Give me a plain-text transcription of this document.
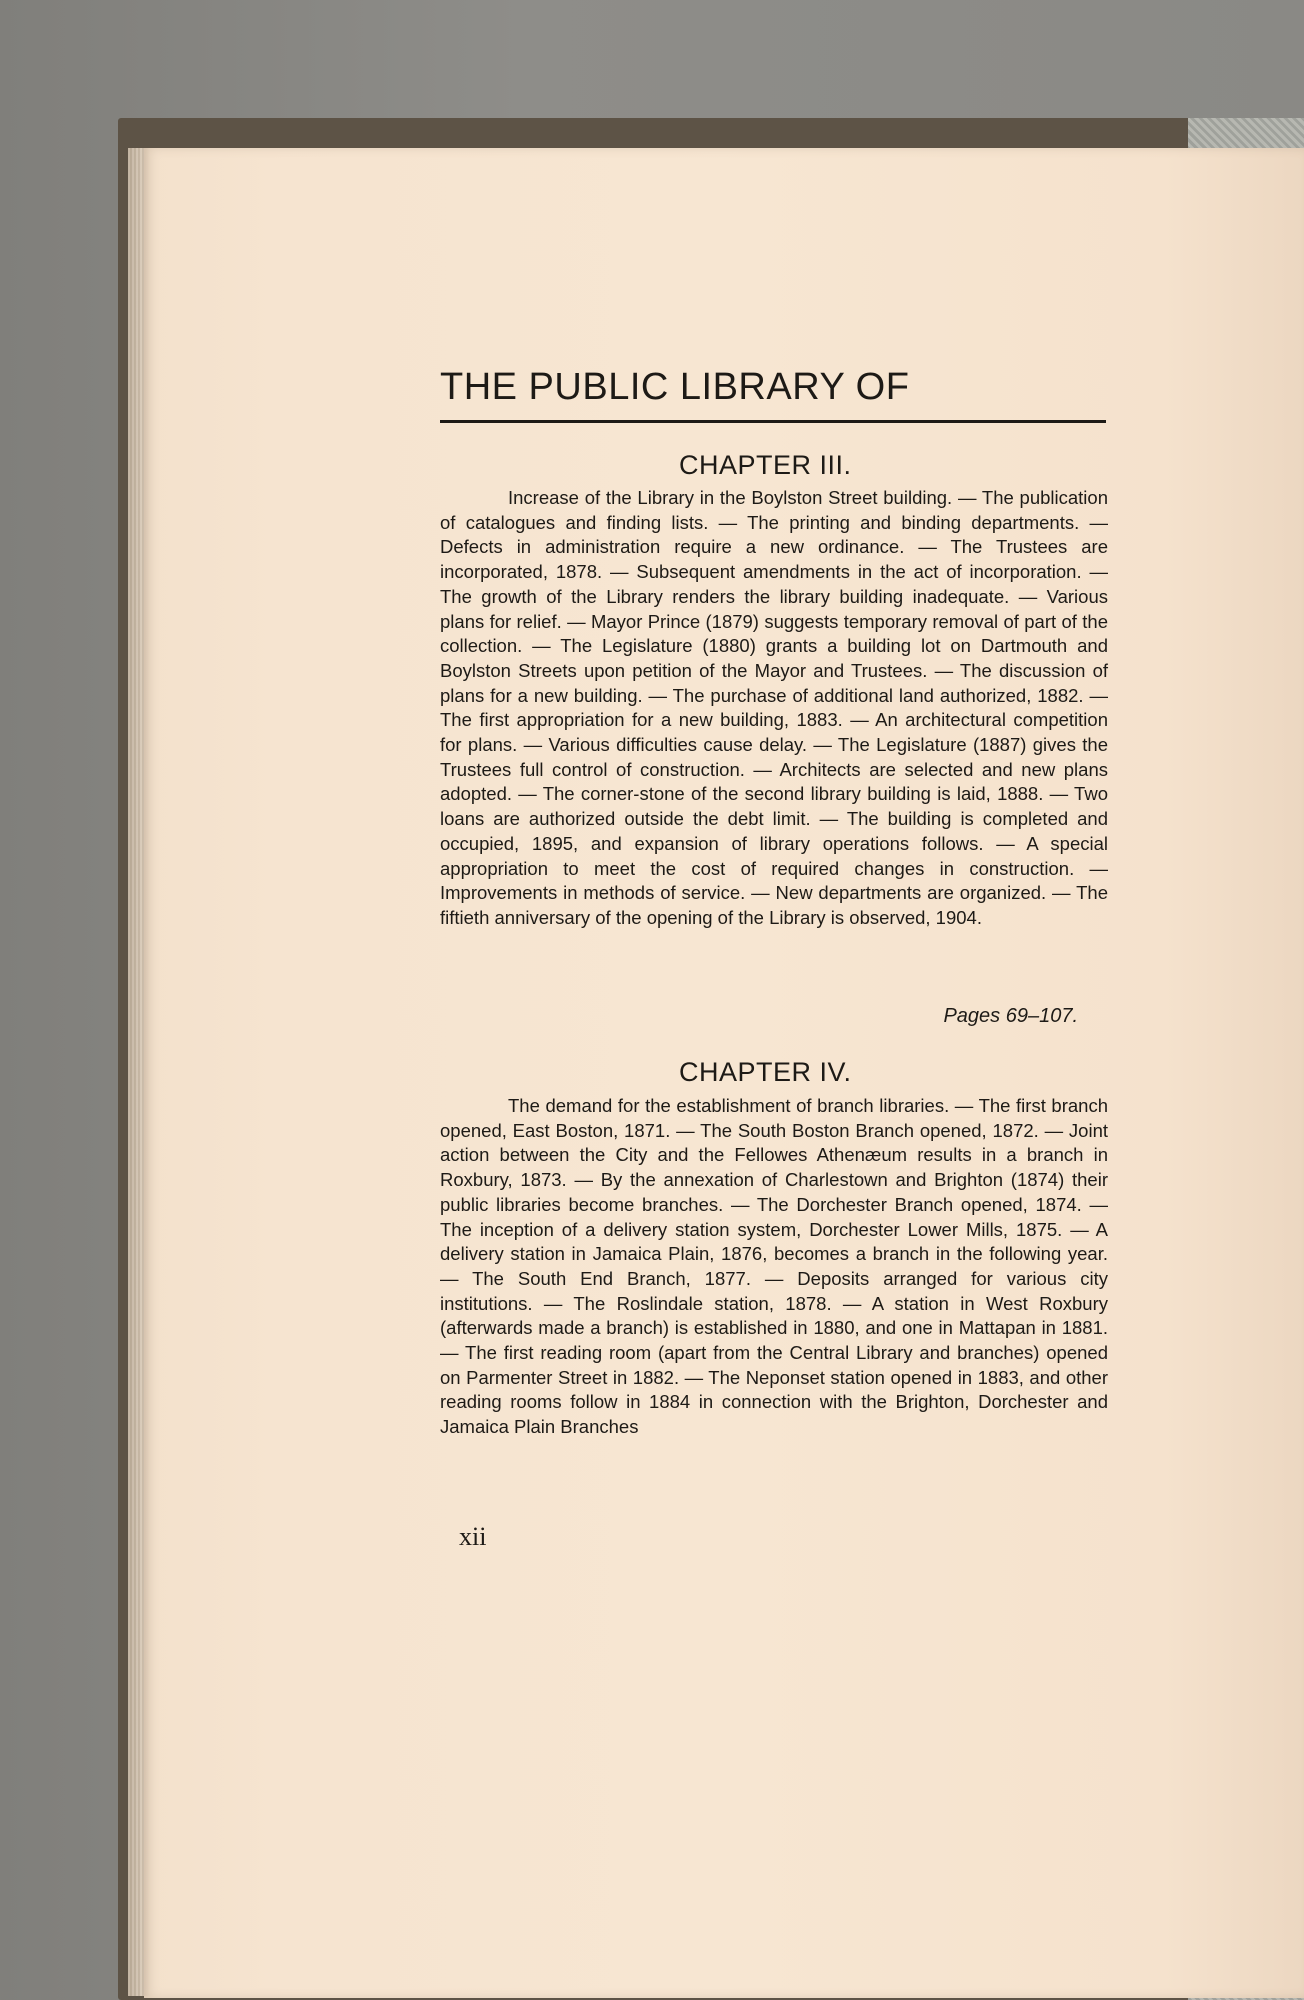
THE PUBLIC LIBRARY OF
CHAPTER III.
Increase of the Library in the Boylston Street building. — The publication of catalogues and finding lists. — The printing and binding departments. — Defects in administration require a new ordinance. — The Trustees are incorporated, 1878. — Subsequent amendments in the act of incorporation. — The growth of the Library renders the library building inadequate. — Various plans for relief. — Mayor Prince (1879) suggests temporary removal of part of the collection. — The Legislature (1880) grants a building lot on Dartmouth and Boylston Streets upon petition of the Mayor and Trustees. — The discussion of plans for a new building. — The purchase of additional land authorized, 1882. — The first appropriation for a new building, 1883. — An architectural competition for plans. — Various difficulties cause delay. — The Legislature (1887) gives the Trustees full control of construction. — Architects are selected and new plans adopted. — The corner-stone of the second library building is laid, 1888. — Two loans are authorized outside the debt limit. — The building is completed and occupied, 1895, and expansion of library operations follows. — A special appropriation to meet the cost of required changes in construction. — Improvements in methods of service. — New departments are organized. — The fiftieth anniversary of the opening of the Library is observed, 1904.
Pages 69–107.
CHAPTER IV.
The demand for the establishment of branch libraries. — The first branch opened, East Boston, 1871. — The South Boston Branch opened, 1872. — Joint action between the City and the Fellowes Athenæum results in a branch in Roxbury, 1873. — By the annexation of Charlestown and Brighton (1874) their public libraries become branches. — The Dorchester Branch opened, 1874. — The inception of a delivery station system, Dorchester Lower Mills, 1875. — A delivery station in Jamaica Plain, 1876, becomes a branch in the following year. — The South End Branch, 1877. — Deposits arranged for various city institutions. — The Roslindale station, 1878. — A station in West Roxbury (afterwards made a branch) is established in 1880, and one in Mattapan in 1881. — The first reading room (apart from the Central Library and branches) opened on Parmenter Street in 1882. — The Neponset station opened in 1883, and other reading rooms follow in 1884 in connection with the Brighton, Dorchester and Jamaica Plain Branches
xii
